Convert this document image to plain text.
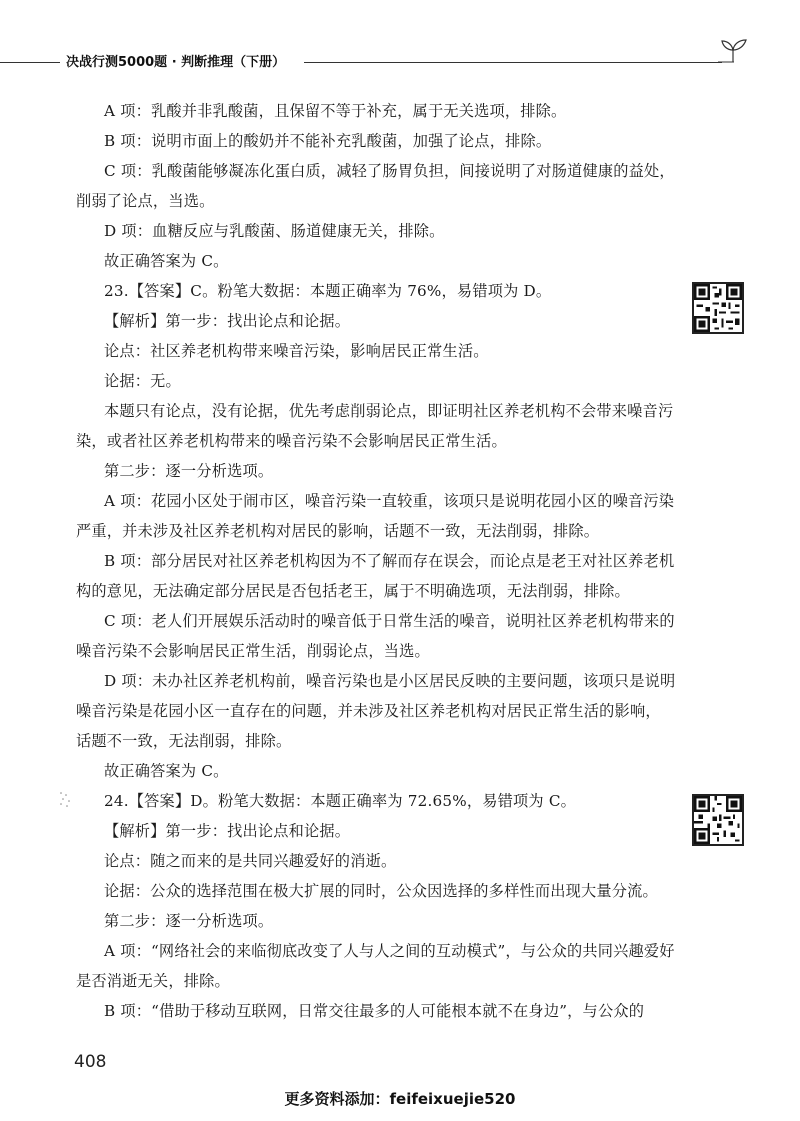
决战行测5000题 · 判断推理（下册）

A 项：乳酸并非乳酸菌，且保留不等于补充，属于无关选项，排除。

B 项：说明市面上的酸奶并不能补充乳酸菌，加强了论点，排除。

C 项：乳酸菌能够凝冻化蛋白质，减轻了肠胃负担，间接说明了对肠道健康的益处，削弱了论点，当选。

D 项：血糖反应与乳酸菌、肠道健康无关，排除。

故正确答案为 C。

23.【答案】C。粉笔大数据：本题正确率为 76%，易错项为 D。

【解析】第一步：找出论点和论据。

论点：社区养老机构带来噪音污染，影响居民正常生活。

论据：无。

本题只有论点，没有论据，优先考虑削弱论点，即证明社区养老机构不会带来噪音污染，或者社区养老机构带来的噪音污染不会影响居民正常生活。

第二步：逐一分析选项。

A 项：花园小区处于闹市区，噪音污染一直较重，该项只是说明花园小区的噪音污染严重，并未涉及社区养老机构对居民的影响，话题不一致，无法削弱，排除。

B 项：部分居民对社区养老机构因为不了解而存在误会，而论点是老王对社区养老机构的意见，无法确定部分居民是否包括老王，属于不明确选项，无法削弱，排除。

C 项：老人们开展娱乐活动时的噪音低于日常生活的噪音，说明社区养老机构带来的噪音污染不会影响居民正常生活，削弱论点，当选。

D 项：未办社区养老机构前，噪音污染也是小区居民反映的主要问题，该项只是说明噪音污染是花园小区一直存在的问题，并未涉及社区养老机构对居民正常生活的影响，话题不一致，无法削弱，排除。

故正确答案为 C。

24.【答案】D。粉笔大数据：本题正确率为 72.65%，易错项为 C。

【解析】第一步：找出论点和论据。

论点：随之而来的是共同兴趣爱好的消逝。

论据：公众的选择范围在极大扩展的同时，公众因选择的多样性而出现大量分流。

第二步：逐一分析选项。

A 项：“网络社会的来临彻底改变了人与人之间的互动模式”，与公众的共同兴趣爱好是否消逝无关，排除。

B 项：“借助于移动互联网，日常交往最多的人可能根本就不在身边”，与公众的

408
更多资料添加：feifeixuejie520
